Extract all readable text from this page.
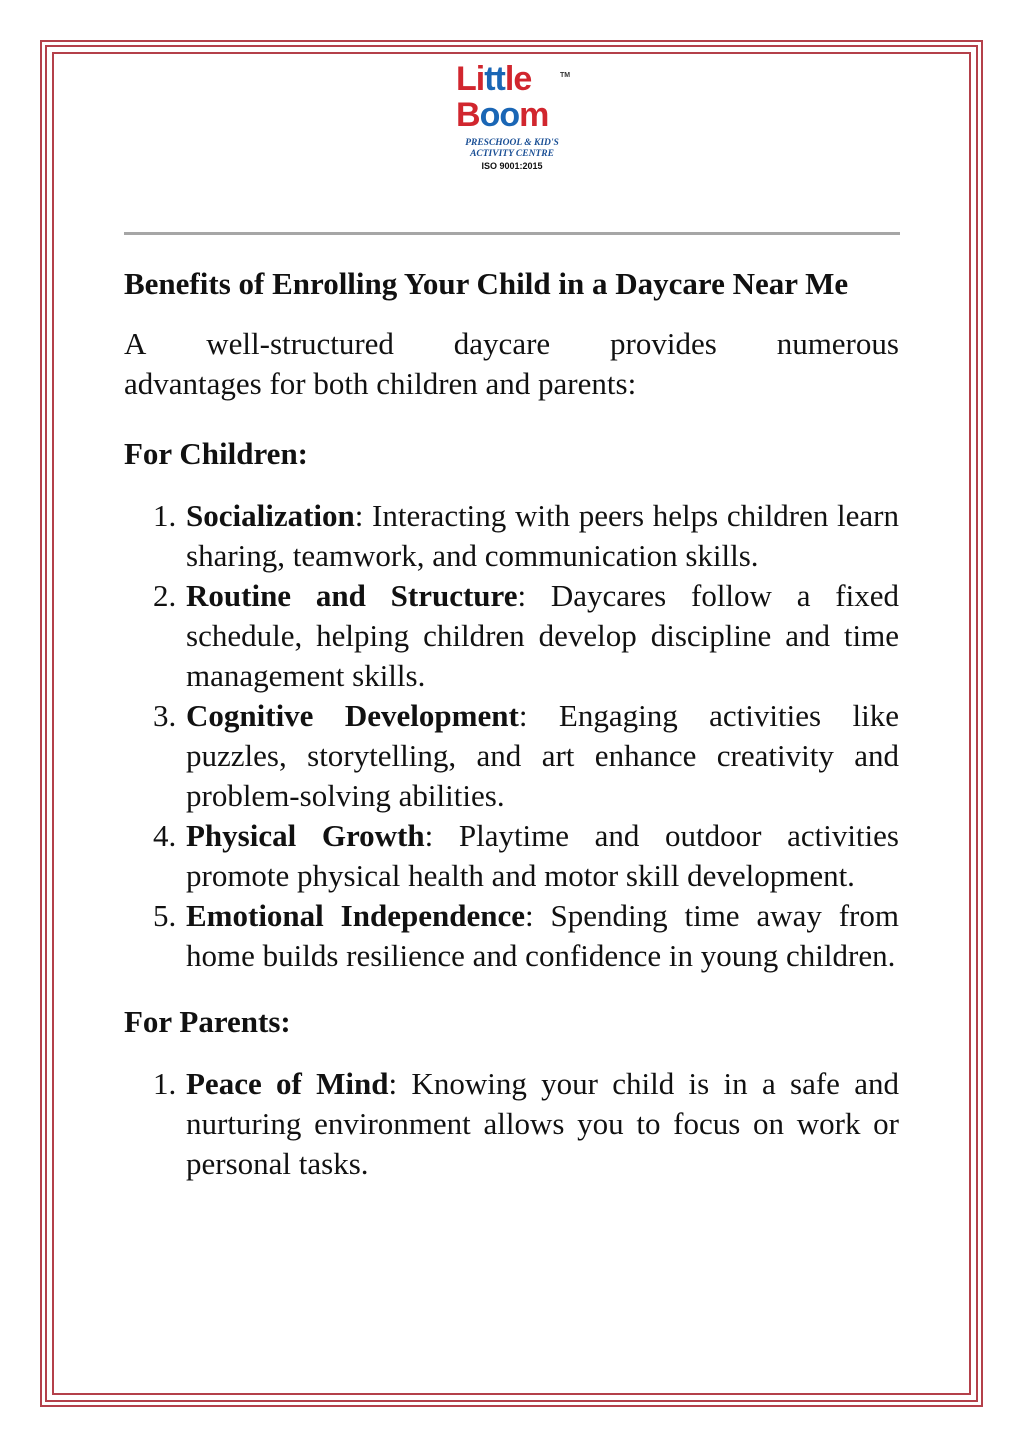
Little	TM
Boom
PRESCHOOL & KID'S
ACTIVITY CENTRE
ISO 9001:2015
Benefits of Enrolling Your Child in a Daycare Near Me
A well-structured daycare provides numerous
advantages for both children and parents:
For Children:
1. Socialization: Interacting with peers helps children learn sharing, teamwork, and communication skills.
2. Routine and Structure: Daycares follow a fixed schedule, helping children develop discipline and time management skills.
3. Cognitive Development: Engaging activities like puzzles, storytelling, and art enhance creativity and problem-solving abilities.
4. Physical Growth: Playtime and outdoor activities promote physical health and motor skill development.
5. Emotional Independence: Spending time away from home builds resilience and confidence in young children.
For Parents:
1. Peace of Mind: Knowing your child is in a safe and nurturing environment allows you to focus on work or personal tasks.
